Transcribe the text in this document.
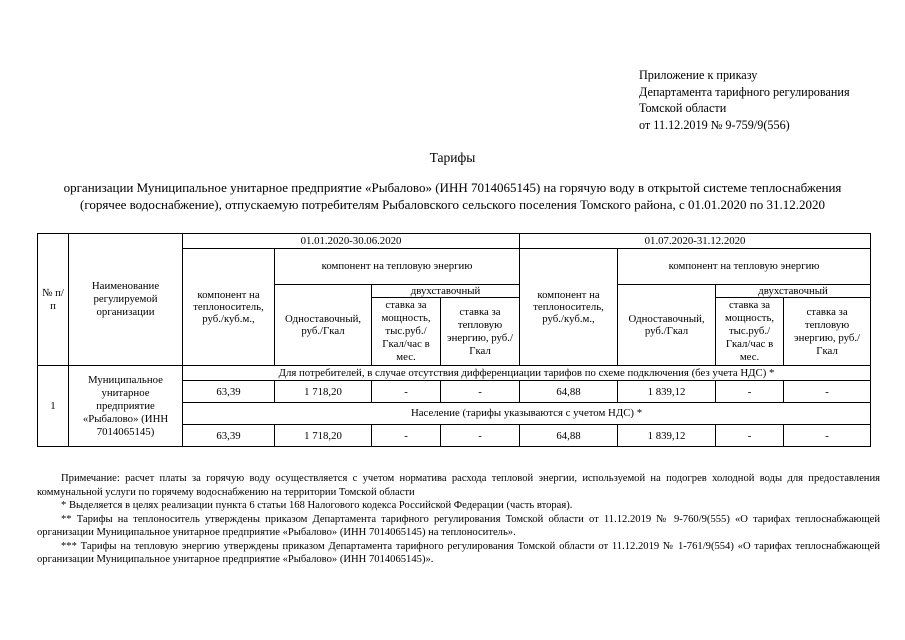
Приложение к приказу
Департамента тарифного регулирования
Томской области
от 11.12.2019 № 9-759/9(556)
Тарифы
организации Муниципальное унитарное предприятие «Рыбалово» (ИНН 7014065145) на горячую воду в открытой системе теплоснабжения
(горячее водоснабжение), отпускаемую потребителям Рыбаловского сельского поселения Томского района, с 01.01.2020 по 31.12.2020
№ п/п	Наименование регулируемой организации	01.01.2020-30.06.2020				01.07.2020-31.12.2020			
		компонент на теплоноситель, руб./куб.м.,	компонент на тепловую энергию			компонент на теплоноситель, руб./куб.м.,	компонент на тепловую энергию		
			Одноставочный, руб./Гкал	двухставочный			Одноставочный, руб./Гкал	двухставочный	
				ставка за мощность, тыс.руб./ Гкал/час в мес.	ставка за тепловую энергию, руб./Гкал			ставка за мощность, тыс.руб./ Гкал/час в мес.	ставка за тепловую энергию, руб./Гкал
1	Муниципальное унитарное предприятие «Рыбалово» (ИНН 7014065145)	Для потребителей, в случае отсутствия дифференциации тарифов по схеме подключения (без учета НДС) *							
		63,39	1 718,20	-	-	64,88	1 839,12	-	-
		Население (тарифы указываются с учетом НДС) *							
		63,39	1 718,20	-	-	64,88	1 839,12	-	-

Примечание: расчет платы за горячую воду осуществляется с учетом норматива расхода тепловой энергии, используемой на подогрев холодной воды для предоставления коммунальной услуги по горячему водоснабжению на территории Томской области

* Выделяется в целях реализации пункта 6 статьи 168 Налогового кодекса Российской Федерации (часть вторая).

** Тарифы на теплоноситель утверждены приказом Департамента тарифного регулирования Томской области от 11.12.2019 № 9-760/9(555) «О тарифах теплоснабжающей организации Муниципальное унитарное предприятие «Рыбалово» (ИНН 7014065145) на теплоноситель».

*** Тарифы на тепловую энергию утверждены приказом Департамента тарифного регулирования Томской области от 11.12.2019 № 1-761/9(554) «О тарифах теплоснабжающей организации Муниципальное унитарное предприятие «Рыбалово» (ИНН 7014065145)».
